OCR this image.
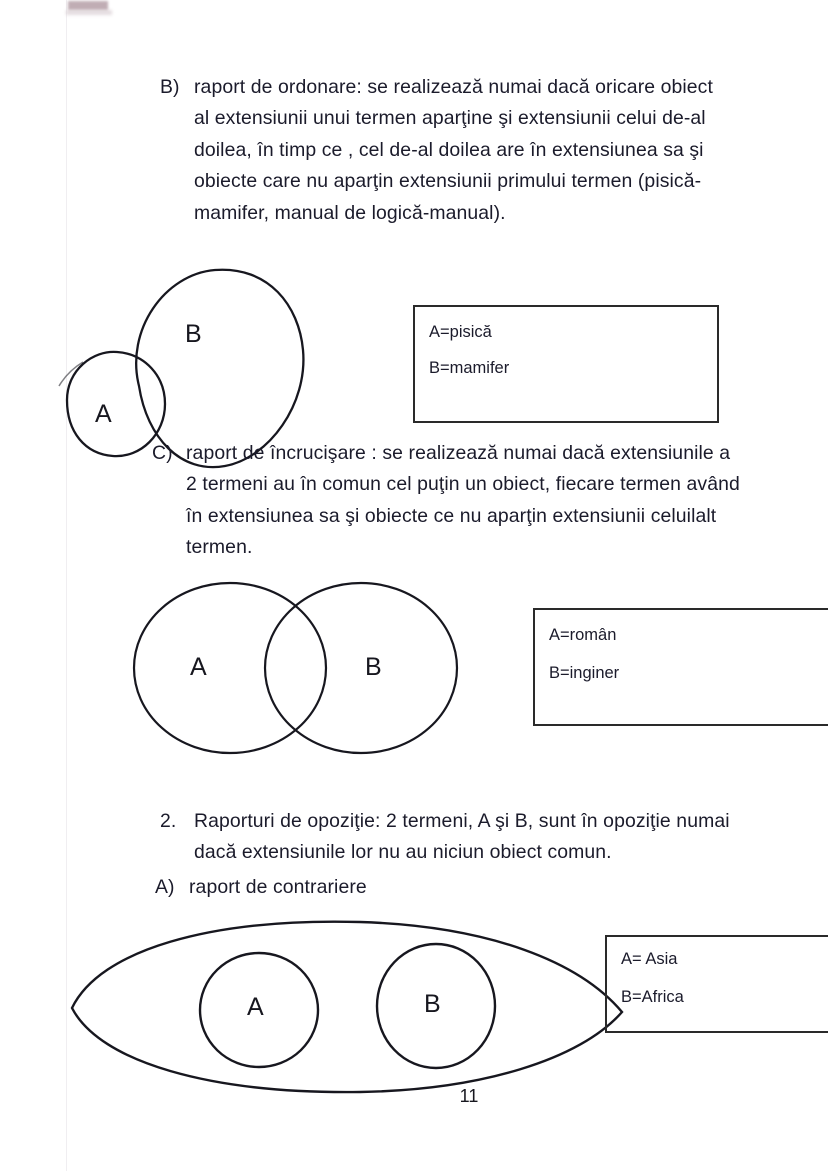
B) raport de ordonare: se realizează numai dacă oricare obiect al extensiunii unui termen aparţine şi extensiunii celui de-al doilea, în timp ce , cel de-al doilea are în extensiunea sa şi obiecte care nu aparţin extensiunii primului termen (pisică-mamifer, manual de logică-manual).
B
A
A=pisică
B=mamifer
C) raport de încrucişare : se realizează numai dacă extensiunile a 2 termeni au în comun cel puţin un obiect, fiecare termen având în extensiunea sa şi obiecte ce nu aparţin extensiunii celuilalt termen.
A	B
A=român
B=inginer
2. Raporturi de opoziţie: 2 termeni, A şi B, sunt în opoziţie numai dacă extensiunile lor nu au niciun obiect comun.
A) raport de contrariere
A	B
A= Asia
B=Africa
11
